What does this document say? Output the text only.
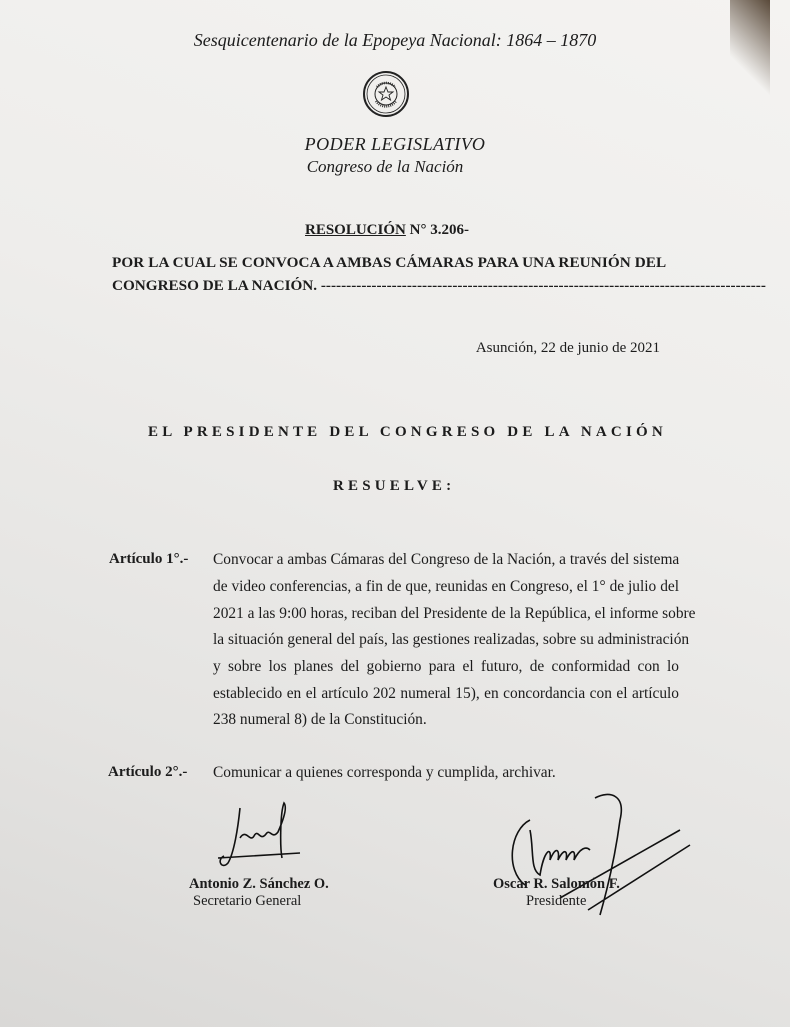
Sesquicentenario de la Epopeya Nacional: 1864 – 1870
PODER LEGISLATIVO
Congreso de la Nación
RESOLUCIÓN N° 3.206-
POR LA CUAL SE CONVOCA A AMBAS CÁMARAS PARA UNA REUNIÓN DEL
CONGRESO DE LA NACIÓN. ----------------------------------------------------------------------------------------
Asunción, 22 de junio de 2021
EL PRESIDENTE DEL CONGRESO DE LA NACIÓN
RESUELVE:
Artículo 1°.- Convocar a ambas Cámaras del Congreso de la Nación, a través del sistema
de video conferencias, a fin de que, reunidas en Congreso, el 1° de julio del
2021 a las 9:00 horas, reciban del Presidente de la República, el informe sobre
la situación general del país, las gestiones realizadas, sobre su administración
y sobre los planes del gobierno para el futuro, de conformidad con lo
establecido en el artículo 202 numeral 15), en concordancia con el artículo
238 numeral 8) de la Constitución.
Artículo 2°.- Comunicar a quienes corresponda y cumplida, archivar.
Antonio Z. Sánchez O.
Secretario General
Oscar R. Salomón F.
Presidente
